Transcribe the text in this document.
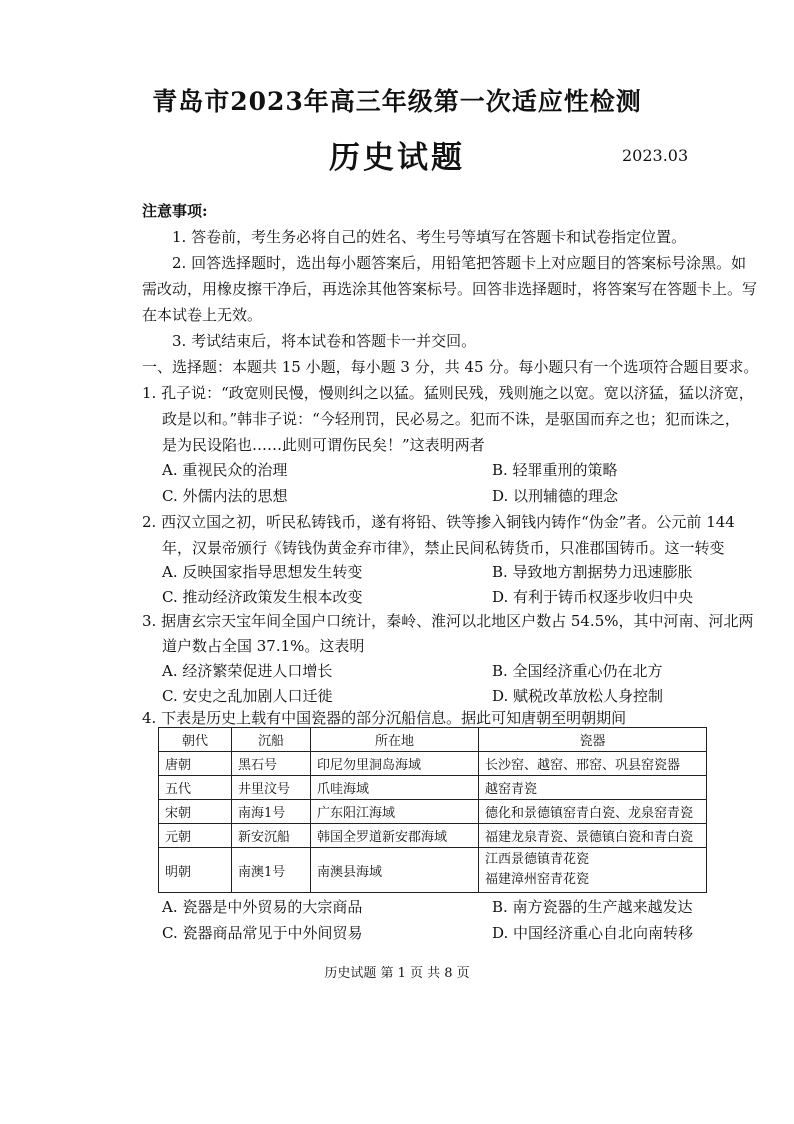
青岛市2023年高三年级第一次适应性检测
历史试题	2023.03
注意事项:
1. 答卷前，考生务必将自己的姓名、考生号等填写在答题卡和试卷指定位置。
2. 回答选择题时，选出每小题答案后，用铅笔把答题卡上对应题目的答案标号涂黑。如
需改动，用橡皮擦干净后，再选涂其他答案标号。回答非选择题时，将答案写在答题卡上。写
在本试卷上无效。
3. 考试结束后，将本试卷和答题卡一并交回。
一、选择题：本题共 15 小题，每小题 3 分，共 45 分。每小题只有一个选项符合题目要求。
1. 孔子说：“政宽则民慢，慢则纠之以猛。猛则民残，残则施之以宽。宽以济猛，猛以济宽，
政是以和。”韩非子说：“今轻刑罚，民必易之。犯而不诛，是驱国而弃之也；犯而诛之，
是为民设陷也……此则可谓伤民矣！”这表明两者
A. 重视民众的治理	B. 轻罪重刑的策略
C. 外儒内法的思想	D. 以刑辅德的理念
2. 西汉立国之初，听民私铸钱币，遂有将铅、铁等掺入铜钱内铸作“伪金”者。公元前 144
年，汉景帝颁行《铸钱伪黄金弃市律》，禁止民间私铸货币，只准郡国铸币。这一转变
A. 反映国家指导思想发生转变	B. 导致地方割据势力迅速膨胀
C. 推动经济政策发生根本改变	D. 有利于铸币权逐步收归中央
3. 据唐玄宗天宝年间全国户口统计，秦岭、淮河以北地区户数占 54.5%，其中河南、河北两
道户数占全国 37.1%。这表明
A. 经济繁荣促进人口增长	B. 全国经济重心仍在北方
C. 安史之乱加剧人口迁徙	D. 赋税改革放松人身控制
4. 下表是历史上载有中国瓷器的部分沉船信息。据此可知唐朝至明朝期间
朝代	沉船	所在地	瓷器
唐朝	黑石号	印尼勿里洞岛海域	长沙窑、越窑、邢窑、巩县窑瓷器
五代	井里汶号	爪哇海域	越窑青瓷
宋朝	南海1号	广东阳江海域	德化和景德镇窑青白瓷、龙泉窑青瓷
元朝	新安沉船	韩国全罗道新安郡海域	福建龙泉青瓷、景德镇白瓷和青白瓷
明朝	南澳1号	南澳县海域	江西景德镇青花瓷
福建漳州窑青花瓷
A. 瓷器是中外贸易的大宗商品	B. 南方瓷器的生产越来越发达
C. 瓷器商品常见于中外间贸易	D. 中国经济重心自北向南转移
历史试题 第 1 页 共 8 页
